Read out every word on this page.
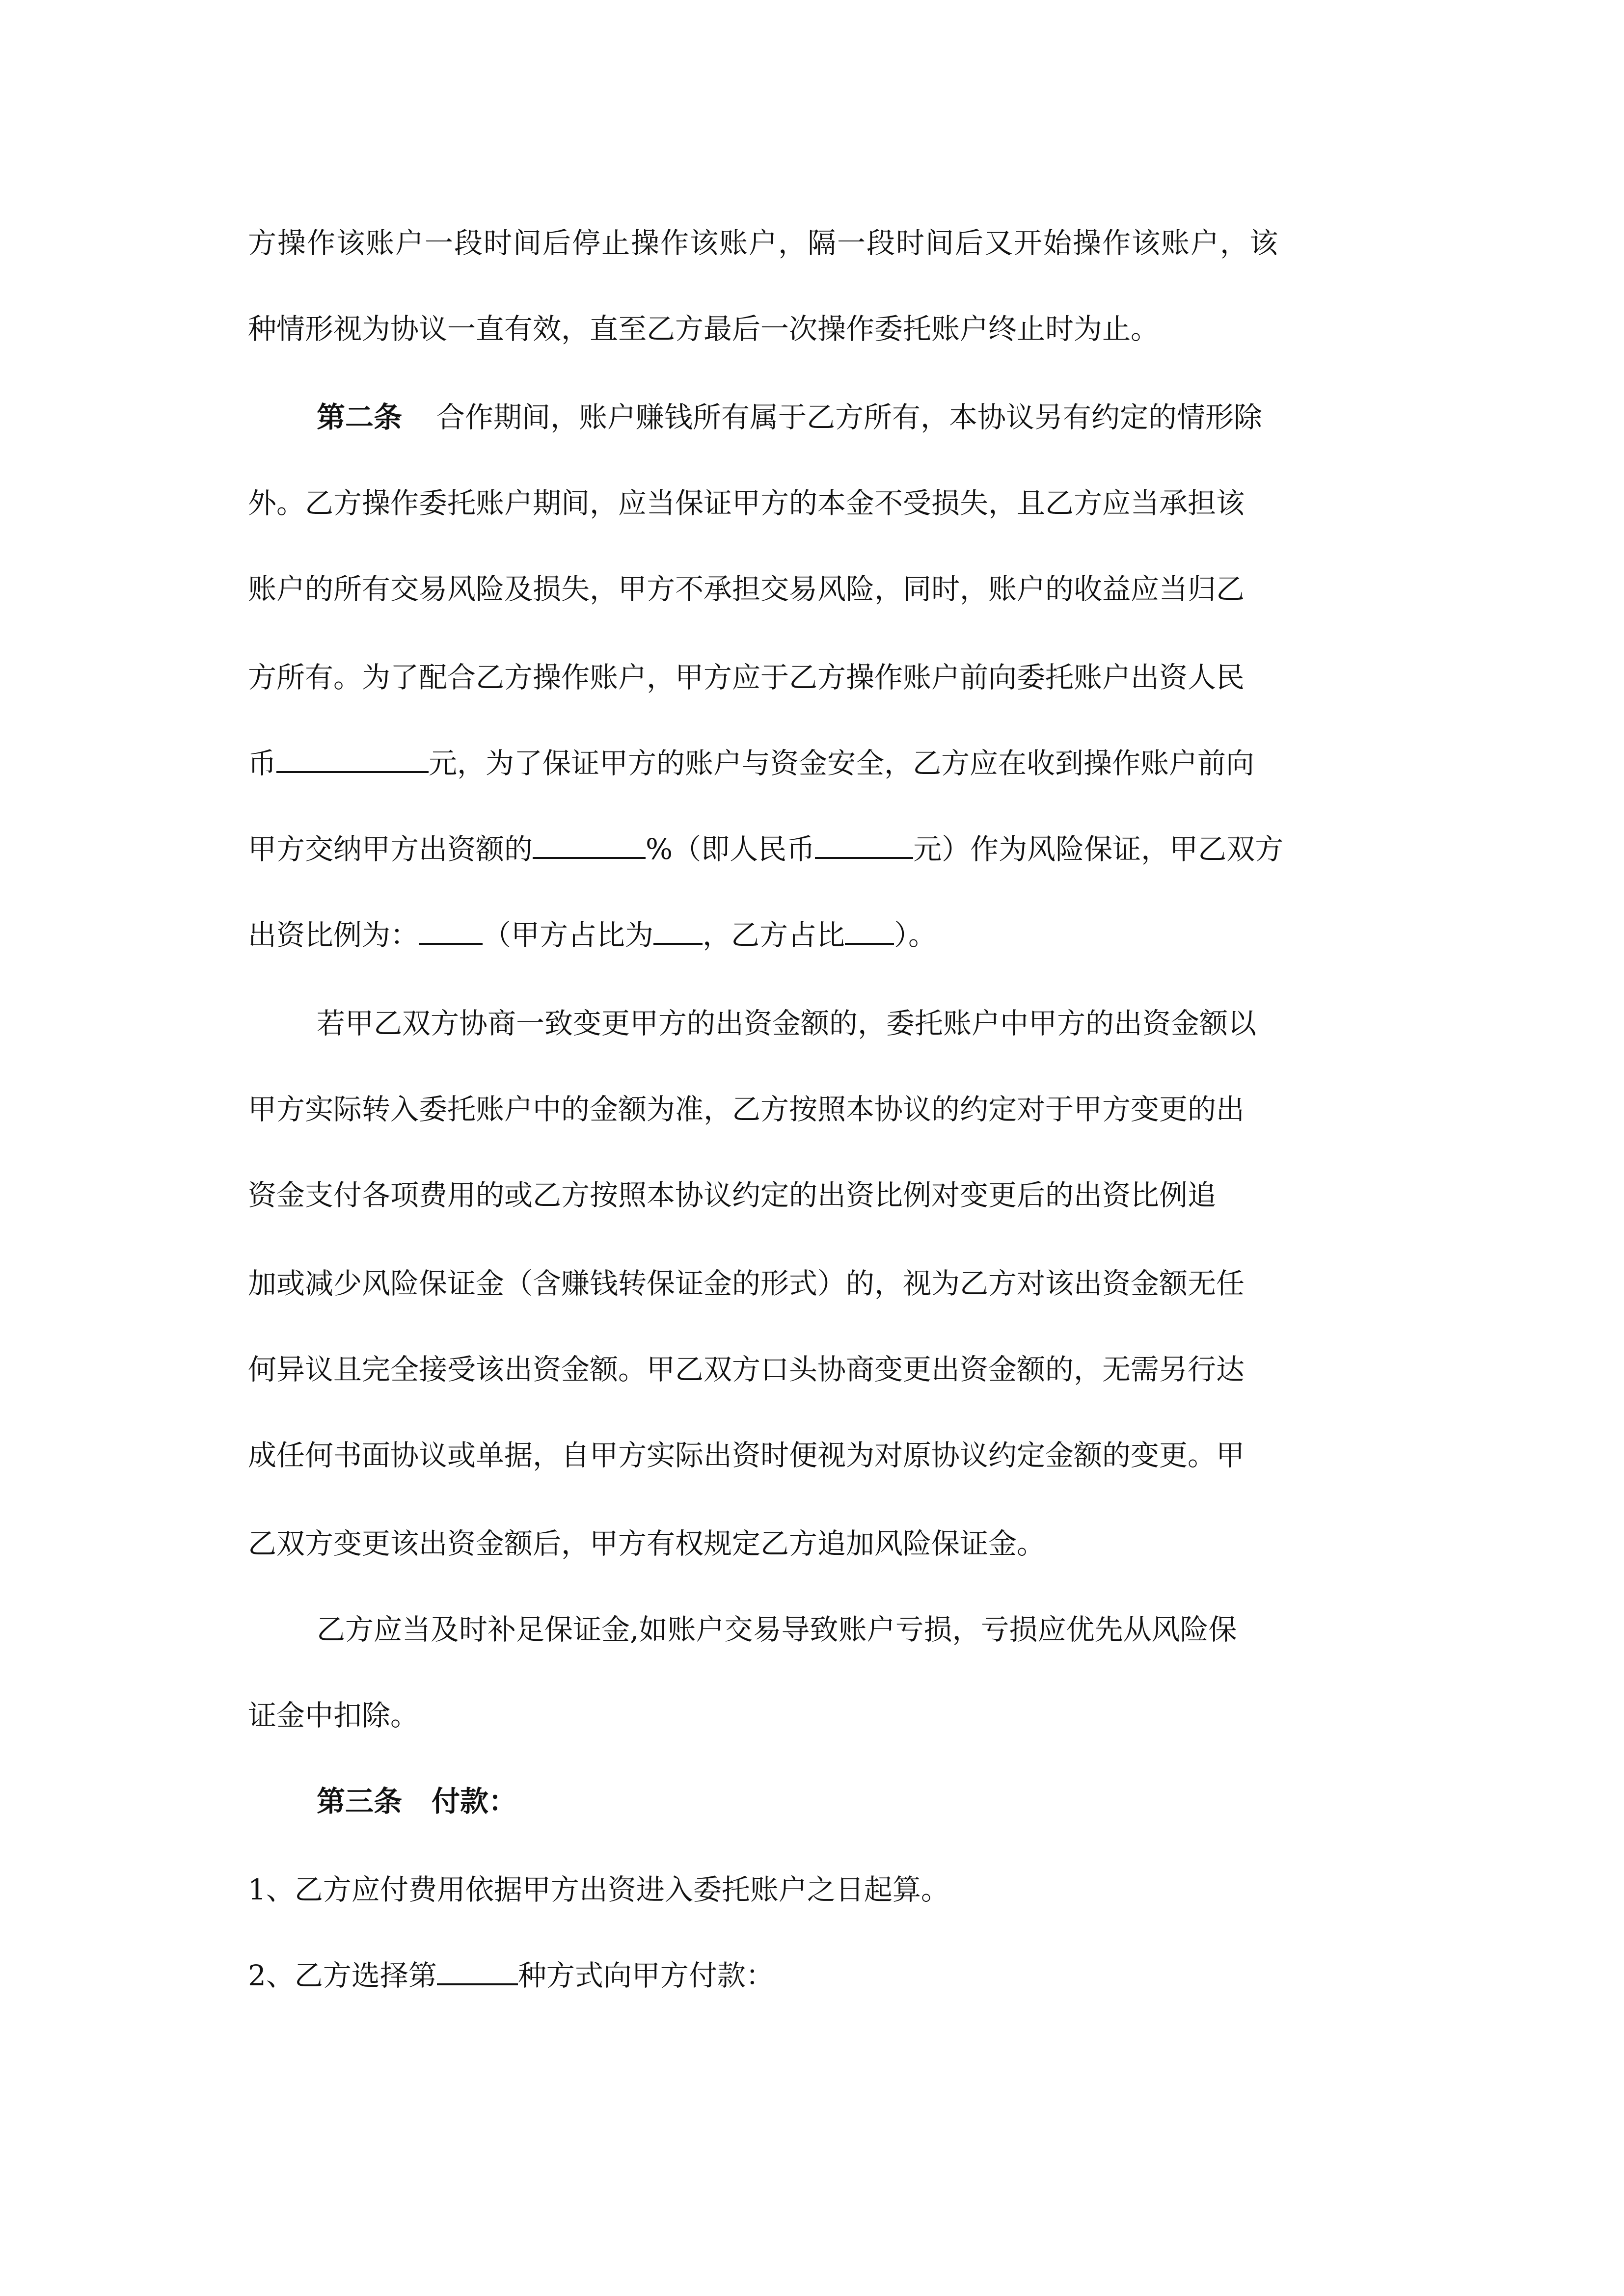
方操作该账户一段时间后停止操作该账户，隔一段时间后又开始操作该账户，该
种情形视为协议一直有效，直至乙方最后一次操作委托账户终止时为止。
第二条 合作期间，账户赚钱所有属于乙方所有，本协议另有约定的情形除
外。乙方操作委托账户期间，应当保证甲方的本金不受损失，且乙方应当承担该
账户的所有交易风险及损失，甲方不承担交易风险，同时，账户的收益应当归乙
方所有。为了配合乙方操作账户，甲方应于乙方操作账户前向委托账户出资人民
币	元，为了保证甲方的账户与资金安全，乙方应在收到操作账户前向
甲方交纳甲方出资额的	%（即人民币	元）作为风险保证，甲乙双方
出资比例为： （甲方占比为 ，乙方占比 ）。
若甲乙双方协商一致变更甲方的出资金额的，委托账户中甲方的出资金额以
甲方实际转入委托账户中的金额为准，乙方按照本协议的约定对于甲方变更的出
资金支付各项费用的或乙方按照本协议约定的出资比例对变更后的出资比例追
加或减少风险保证金（含赚钱转保证金的形式）的，视为乙方对该出资金额无任
何异议且完全接受该出资金额。甲乙双方口头协商变更出资金额的，无需另行达
成任何书面协议或单据，自甲方实际出资时便视为对原协议约定金额的变更。甲
乙双方变更该出资金额后，甲方有权规定乙方追加风险保证金。
乙方应当及时补足保证金,如账户交易导致账户亏损，亏损应优先从风险保
证金中扣除。
第三条 付款：
1、乙方应付费用依据甲方出资进入委托账户之日起算。
2、乙方选择第	种方式向甲方付款：
